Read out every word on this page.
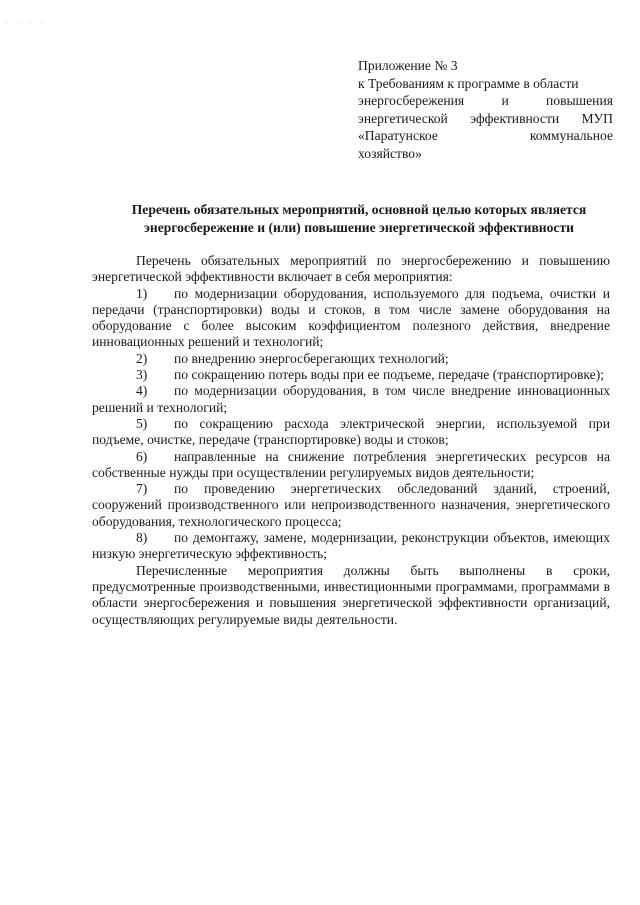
. . . .
Приложение № 3
к Требованиям к программе в области
энергосбережения и повышения
энергетической эффективности МУП
«Паратунское коммунальное
хозяйство»
Перечень обязательных мероприятий, основной целью которых является энергосбережение и (или) повышение энергетической эффективности

Перечень обязательных мероприятий по энергосбережению и повышению энергетической эффективности включает в себя мероприятия:

1) по модернизации оборудования, используемого для подъема, очистки и передачи (транспортировки) воды и стоков, в том числе замене оборудования на оборудование с более высоким коэффициентом полезного действия, внедрение инновационных решений и технологий;

2) по внедрению энергосберегающих технологий;

3) по сокращению потерь воды при ее подъеме, передаче (транспортировке);

4) по модернизации оборудования, в том числе внедрение инновационных решений и технологий;

5) по сокращению расхода электрической энергии, используемой при подъеме, очистке, передаче (транспортировке) воды и стоков;

6) направленные на снижение потребления энергетических ресурсов на собственные нужды при осуществлении регулируемых видов деятельности;

7) по проведению энергетических обследований зданий, строений, сооружений производственного или непроизводственного назначения, энергетического оборудования, технологического процесса;

8) по демонтажу, замене, модернизации, реконструкции объектов, имеющих низкую энергетическую эффективность;

Перечисленные мероприятия должны быть выполнены в сроки, предусмотренные производственными, инвестиционными программами, программами в области энергосбережения и повышения энергетической эффективности организаций, осуществляющих регулируемые виды деятельности.
